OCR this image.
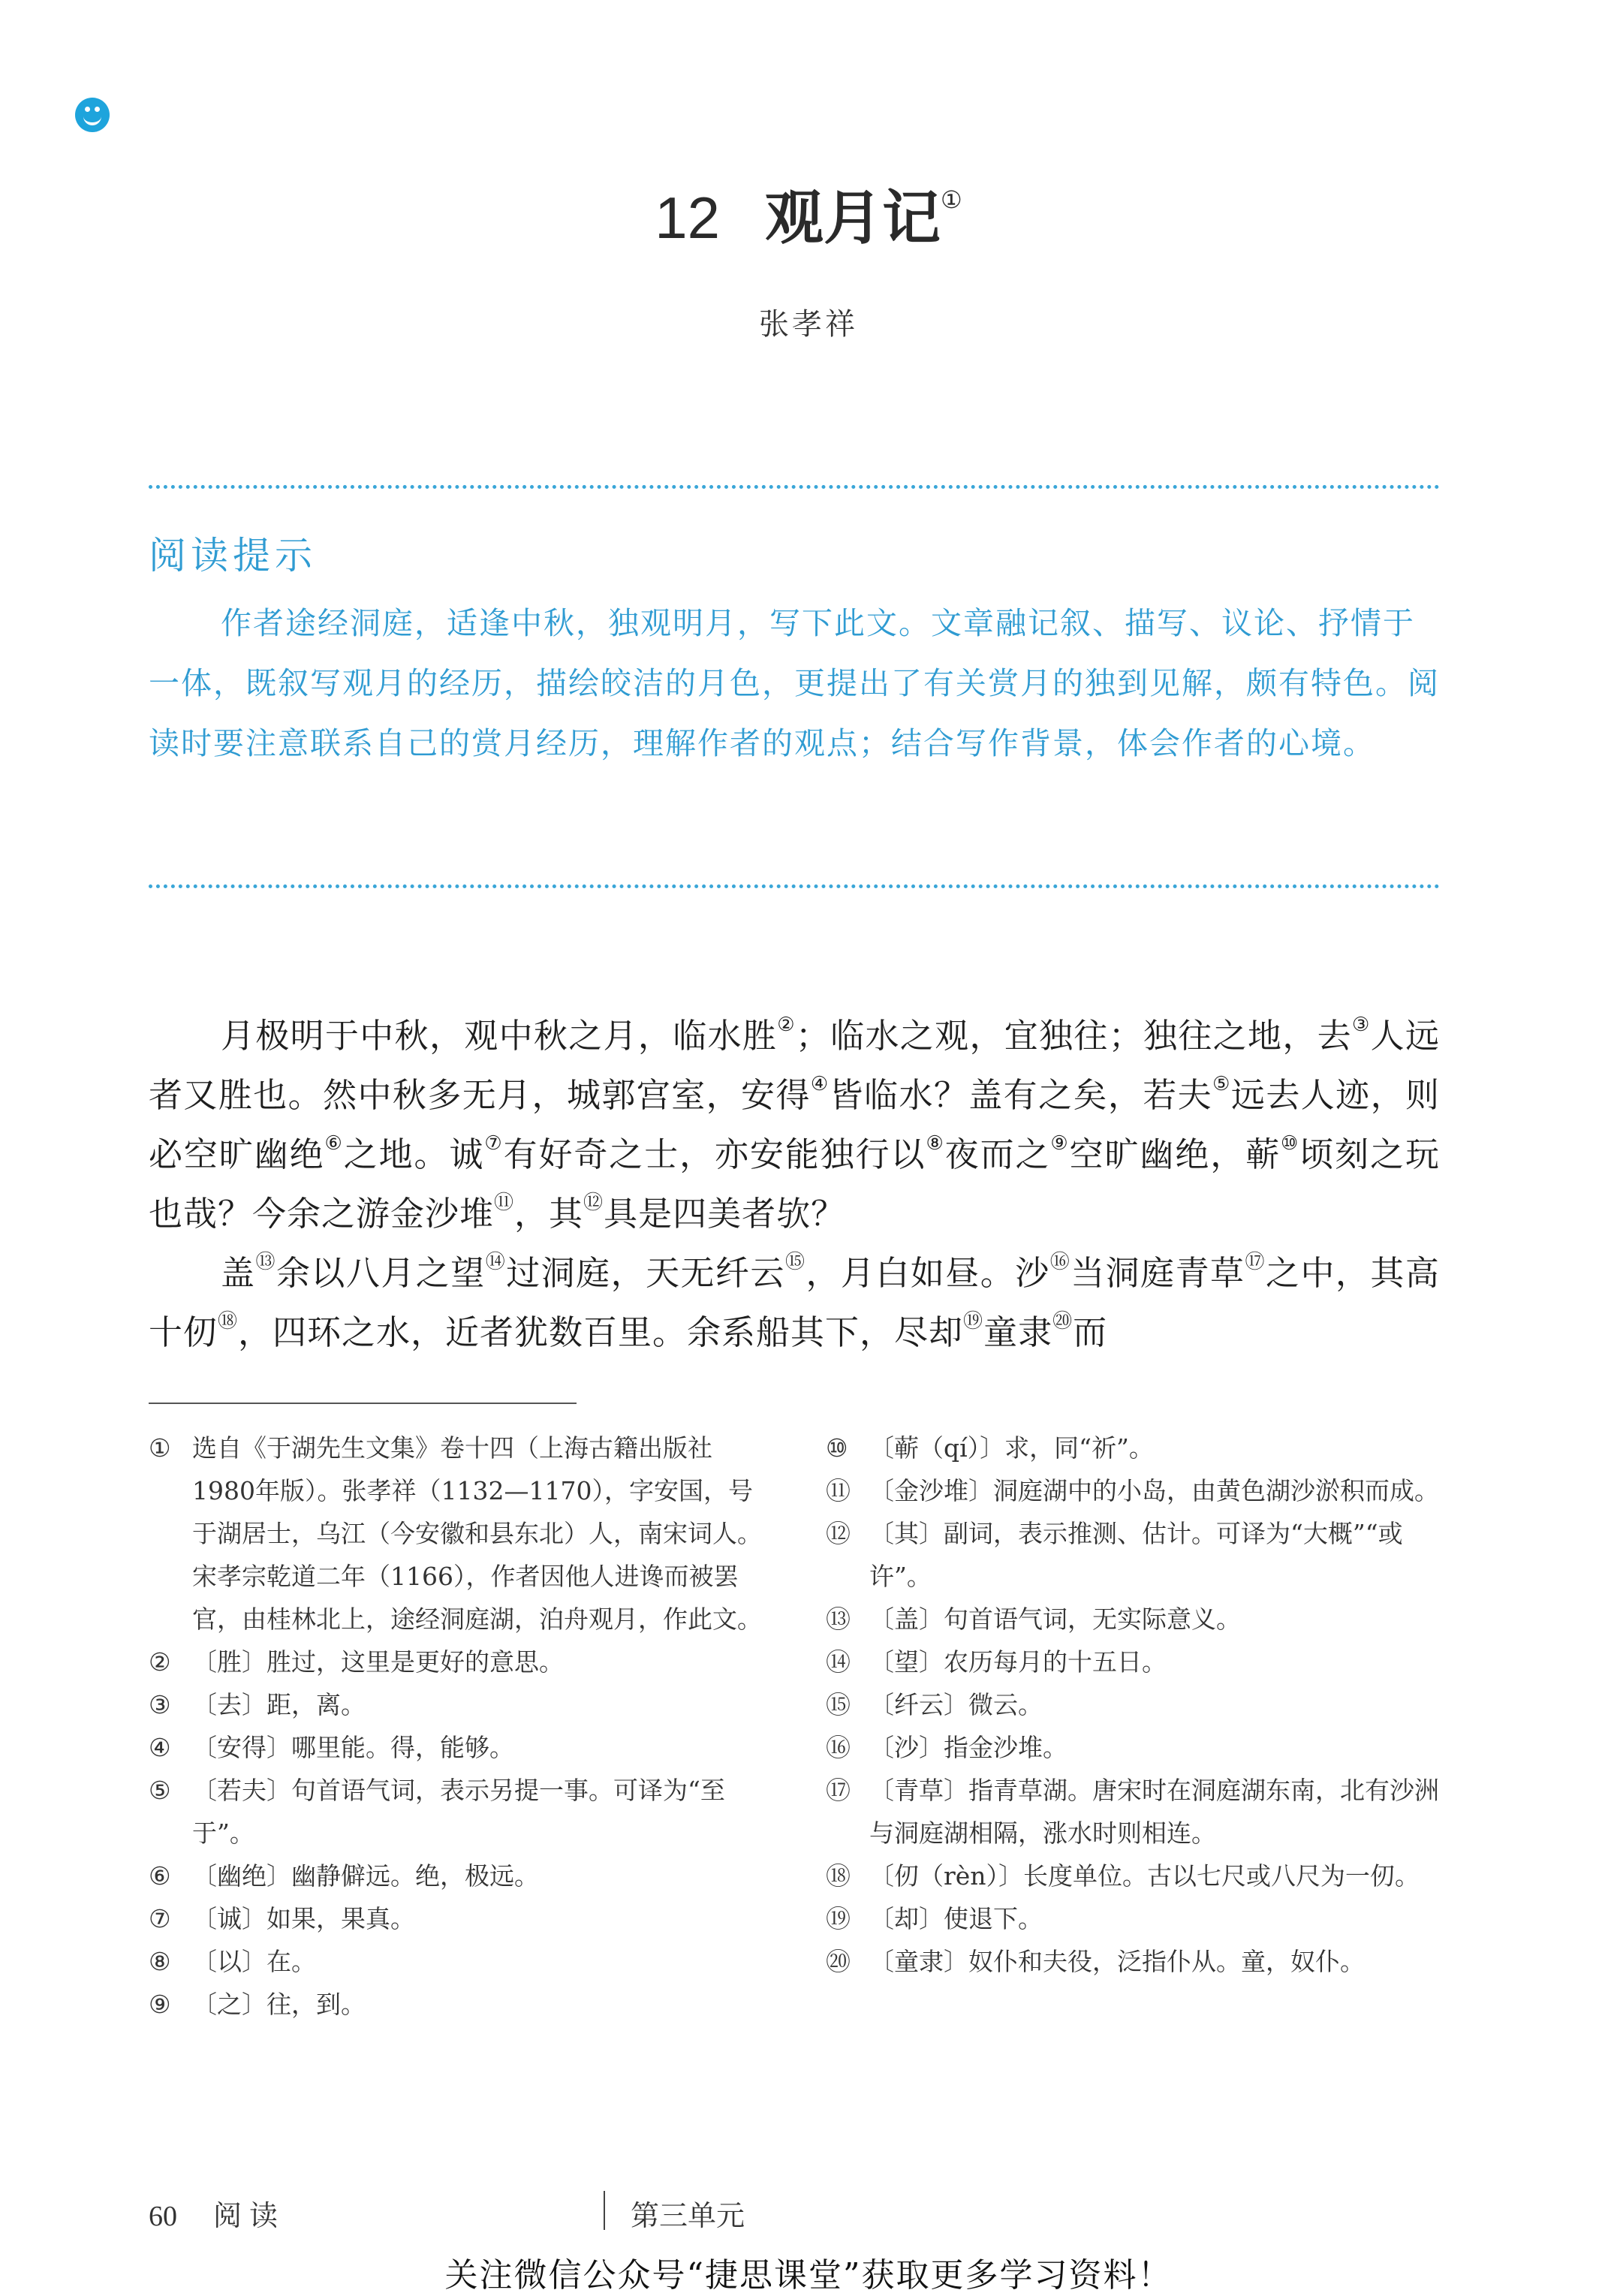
12 观月记①
张孝祥
阅读提示

作者途经洞庭，适逢中秋，独观明月，写下此文。文章融记叙、描写、议论、抒情于一体，既叙写观月的经历，描绘皎洁的月色，更提出了有关赏月的独到见解，颇有特色。阅读时要注意联系自己的赏月经历，理解作者的观点；结合写作背景，体会作者的心境。

月极明于中秋，观中秋之月，临水胜②；临水之观，宜独往；独往之地，去③人远者又胜也。然中秋多无月，城郭宫室，安得④皆临水？盖有之矣，若夫⑤远去人迹，则必空旷幽绝⑥之地。诚⑦有好奇之士，亦安能独行以⑧夜而之⑨空旷幽绝，蕲⑩顷刻之玩也哉？今余之游金沙堆⑪，其⑫具是四美者欤？

盖⑬余以八月之望⑭过洞庭，天无纤云⑮，月白如昼。沙⑯当洞庭青草⑰之中，其高十仞⑱，四环之水，近者犹数百里。余系船其下，尽却⑲童隶⑳而

① 选自《于湖先生文集》卷十四（上海古籍出版社1980年版）。张孝祥（1132—1170），字安国，号于湖居士，乌江（今安徽和县东北）人，南宋词人。宋孝宗乾道二年（1166），作者因他人进谗而被罢官，由桂林北上，途经洞庭湖，泊舟观月，作此文。
② 〔胜〕胜过，这里是更好的意思。
③ 〔去〕距，离。
④ 〔安得〕哪里能。得，能够。
⑤ 〔若夫〕句首语气词，表示另提一事。可译为“至于”。
⑥ 〔幽绝〕幽静僻远。绝，极远。
⑦ 〔诚〕如果，果真。
⑧ 〔以〕在。
⑨ 〔之〕往，到。
⑩ 〔蕲（qí）〕求，同“祈”。
⑪ 〔金沙堆〕洞庭湖中的小岛，由黄色湖沙淤积而成。
⑫ 〔其〕副词，表示推测、估计。可译为“大概”“或许”。
⑬ 〔盖〕句首语气词，无实际意义。
⑭ 〔望〕农历每月的十五日。
⑮ 〔纤云〕微云。
⑯ 〔沙〕指金沙堆。
⑰ 〔青草〕指青草湖。唐宋时在洞庭湖东南，北有沙洲与洞庭湖相隔，涨水时则相连。
⑱ 〔仞（rèn）〕长度单位。古以七尺或八尺为一仞。
⑲ 〔却〕使退下。
⑳ 〔童隶〕奴仆和夫役，泛指仆从。童，奴仆。
60 阅读	第三单元
关注微信公众号“捷思课堂”获取更多学习资料！
